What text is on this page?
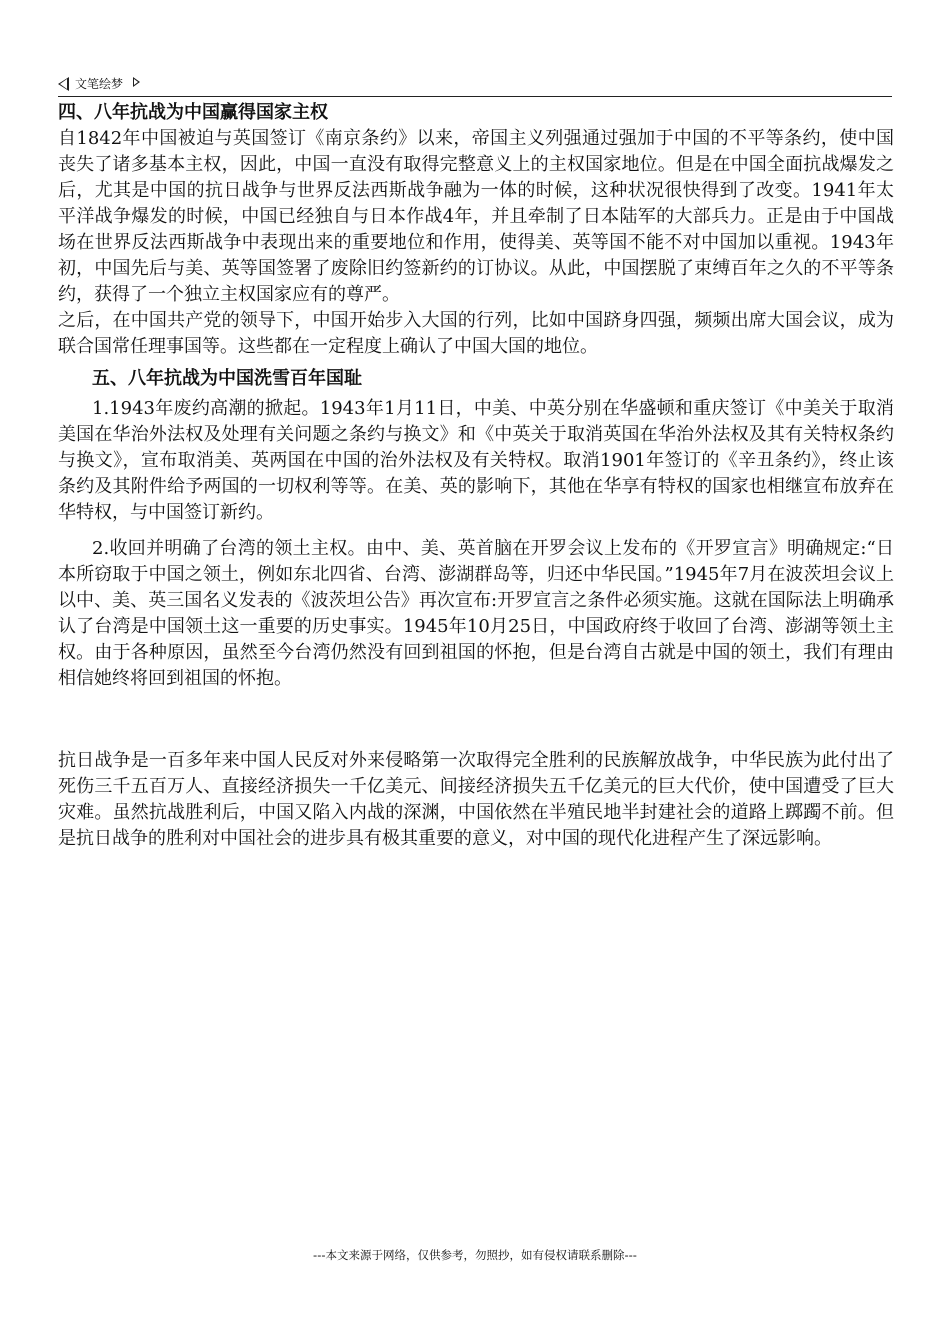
文笔绘梦
四、八年抗战为中国赢得国家主权

自1842年中国被迫与英国签订《南京条约》以来，帝国主义列强通过强加于中国的不平等条约，使中国丧失了诸多基本主权，因此，中国一直没有取得完整意义上的主权国家地位。但是在中国全面抗战爆发之后，尤其是中国的抗日战争与世界反法西斯战争融为一体的时候，这种状况很快得到了改变。1941年太平洋战争爆发的时候，中国已经独自与日本作战4年，并且牵制了日本陆军的大部兵力。正是由于中国战场在世界反法西斯战争中表现出来的重要地位和作用，使得美、英等国不能不对中国加以重视。1943年初，中国先后与美、英等国签署了废除旧约签新约的订协议。从此，中国摆脱了束缚百年之久的不平等条约，获得了一个独立主权国家应有的尊严。

之后，在中国共产党的领导下，中国开始步入大国的行列，比如中国跻身四强，频频出席大国会议，成为联合国常任理事国等。这些都在一定程度上确认了中国大国的地位。

五、八年抗战为中国洗雪百年国耻

1.1943年废约高潮的掀起。1943年1月11日，中美、中英分别在华盛顿和重庆签订《中美关于取消美国在华治外法权及处理有关问题之条约与换文》和《中英关于取消英国在华治外法权及其有关特权条约与换文》，宣布取消美、英两国在中国的治外法权及有关特权。取消1901年签订的《辛丑条约》，终止该条约及其附件给予两国的一切权利等等。在美、英的影响下，其他在华享有特权的国家也相继宣布放弃在华特权，与中国签订新约。

2.收回并明确了台湾的领土主权。由中、美、英首脑在开罗会议上发布的《开罗宣言》明确规定:“日本所窃取于中国之领土，例如东北四省、台湾、澎湖群岛等，归还中华民国。”1945年7月在波茨坦会议上以中、美、英三国名义发表的《波茨坦公告》再次宣布:开罗宣言之条件必须实施。这就在国际法上明确承认了台湾是中国领土这一重要的历史事实。1945年10月25日，中国政府终于收回了台湾、澎湖等领土主权。由于各种原因，虽然至今台湾仍然没有回到祖国的怀抱，但是台湾自古就是中国的领土，我们有理由相信她终将回到祖国的怀抱。

抗日战争是一百多年来中国人民反对外来侵略第一次取得完全胜利的民族解放战争，中华民族为此付出了死伤三千五百万人、直接经济损失一千亿美元、间接经济损失五千亿美元的巨大代价，使中国遭受了巨大灾难。虽然抗战胜利后，中国又陷入内战的深渊，中国依然在半殖民地半封建社会的道路上踯躅不前。但是抗日战争的胜利对中国社会的进步具有极其重要的意义，对中国的现代化进程产生了深远影响。

---本文来源于网络，仅供参考，勿照抄，如有侵权请联系删除---
